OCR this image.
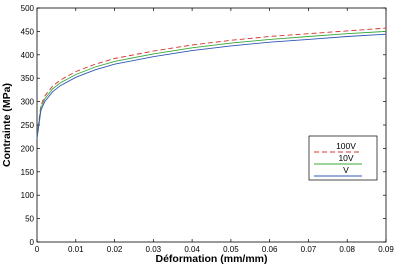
0
50
100
150
200
250
300
350
400
450
500
0	0.01	0.02	0.03	0.04	0.05	0.06	0.07	0.08	0.09
Déformation (mm/mm)
Contrainte (MPa)	100V
10V
V
